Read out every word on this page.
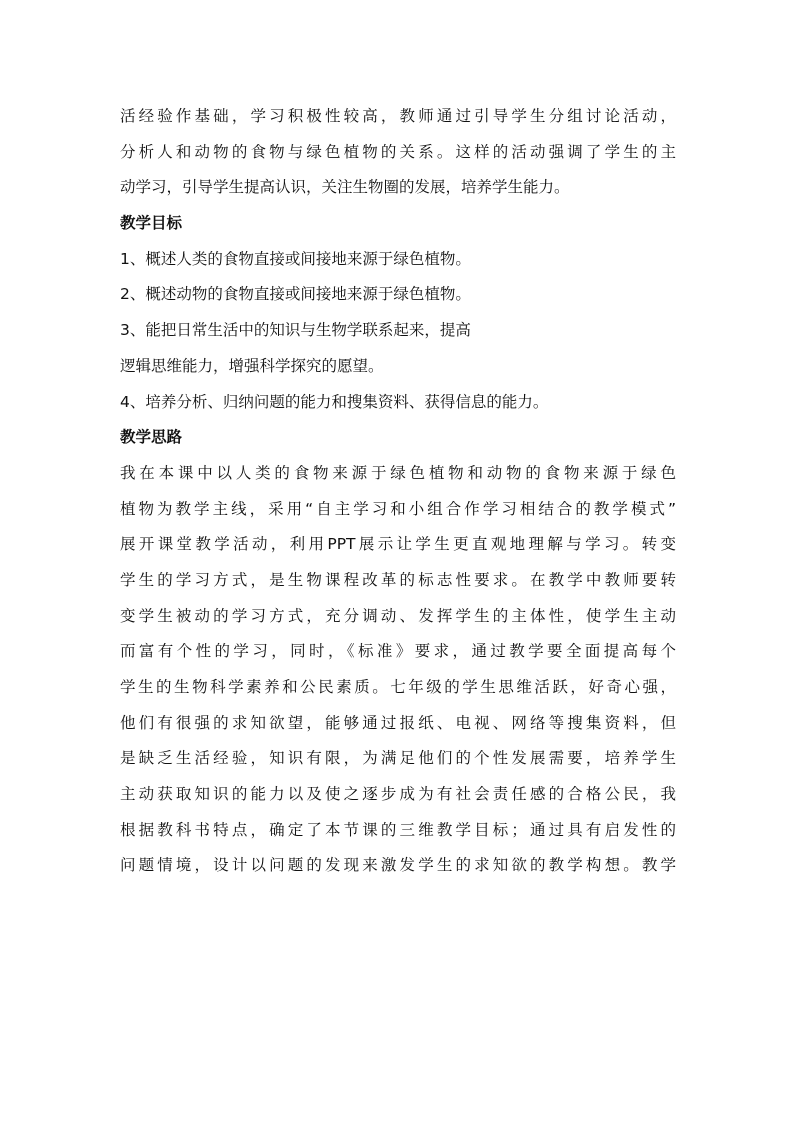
活经验作基础，学习积极性较高，教师通过引导学生分组讨论活动，
分析人和动物的食物与绿色植物的关系。这样的活动强调了学生的主
动学习，引导学生提高认识，关注生物圈的发展，培养学生能力。
教学目标
1、概述人类的食物直接或间接地来源于绿色植物。
2、概述动物的食物直接或间接地来源于绿色植物。
3、能把日常生活中的知识与生物学联系起来，提高
逻辑思维能力，增强科学探究的愿望。
4、培养分析、归纳问题的能力和搜集资料、获得信息的能力。
教学思路
我在本课中以人类的食物来源于绿色植物和动物的食物来源于绿色
植物为教学主线，采用“自主学习和小组合作学习相结合的教学模式”
展开课堂教学活动，利用PPT展示让学生更直观地理解与学习。转变
学生的学习方式，是生物课程改革的标志性要求。在教学中教师要转
变学生被动的学习方式，充分调动、发挥学生的主体性，使学生主动
而富有个性的学习，同时，《标准》要求，通过教学要全面提高每个
学生的生物科学素养和公民素质。七年级的学生思维活跃，好奇心强，
他们有很强的求知欲望，能够通过报纸、电视、网络等搜集资料，但
是缺乏生活经验，知识有限，为满足他们的个性发展需要，培养学生
主动获取知识的能力以及使之逐步成为有社会责任感的合格公民，我
根据教科书特点，确定了本节课的三维教学目标；通过具有启发性的
问题情境，设计以问题的发现来激发学生的求知欲的教学构想。教学
